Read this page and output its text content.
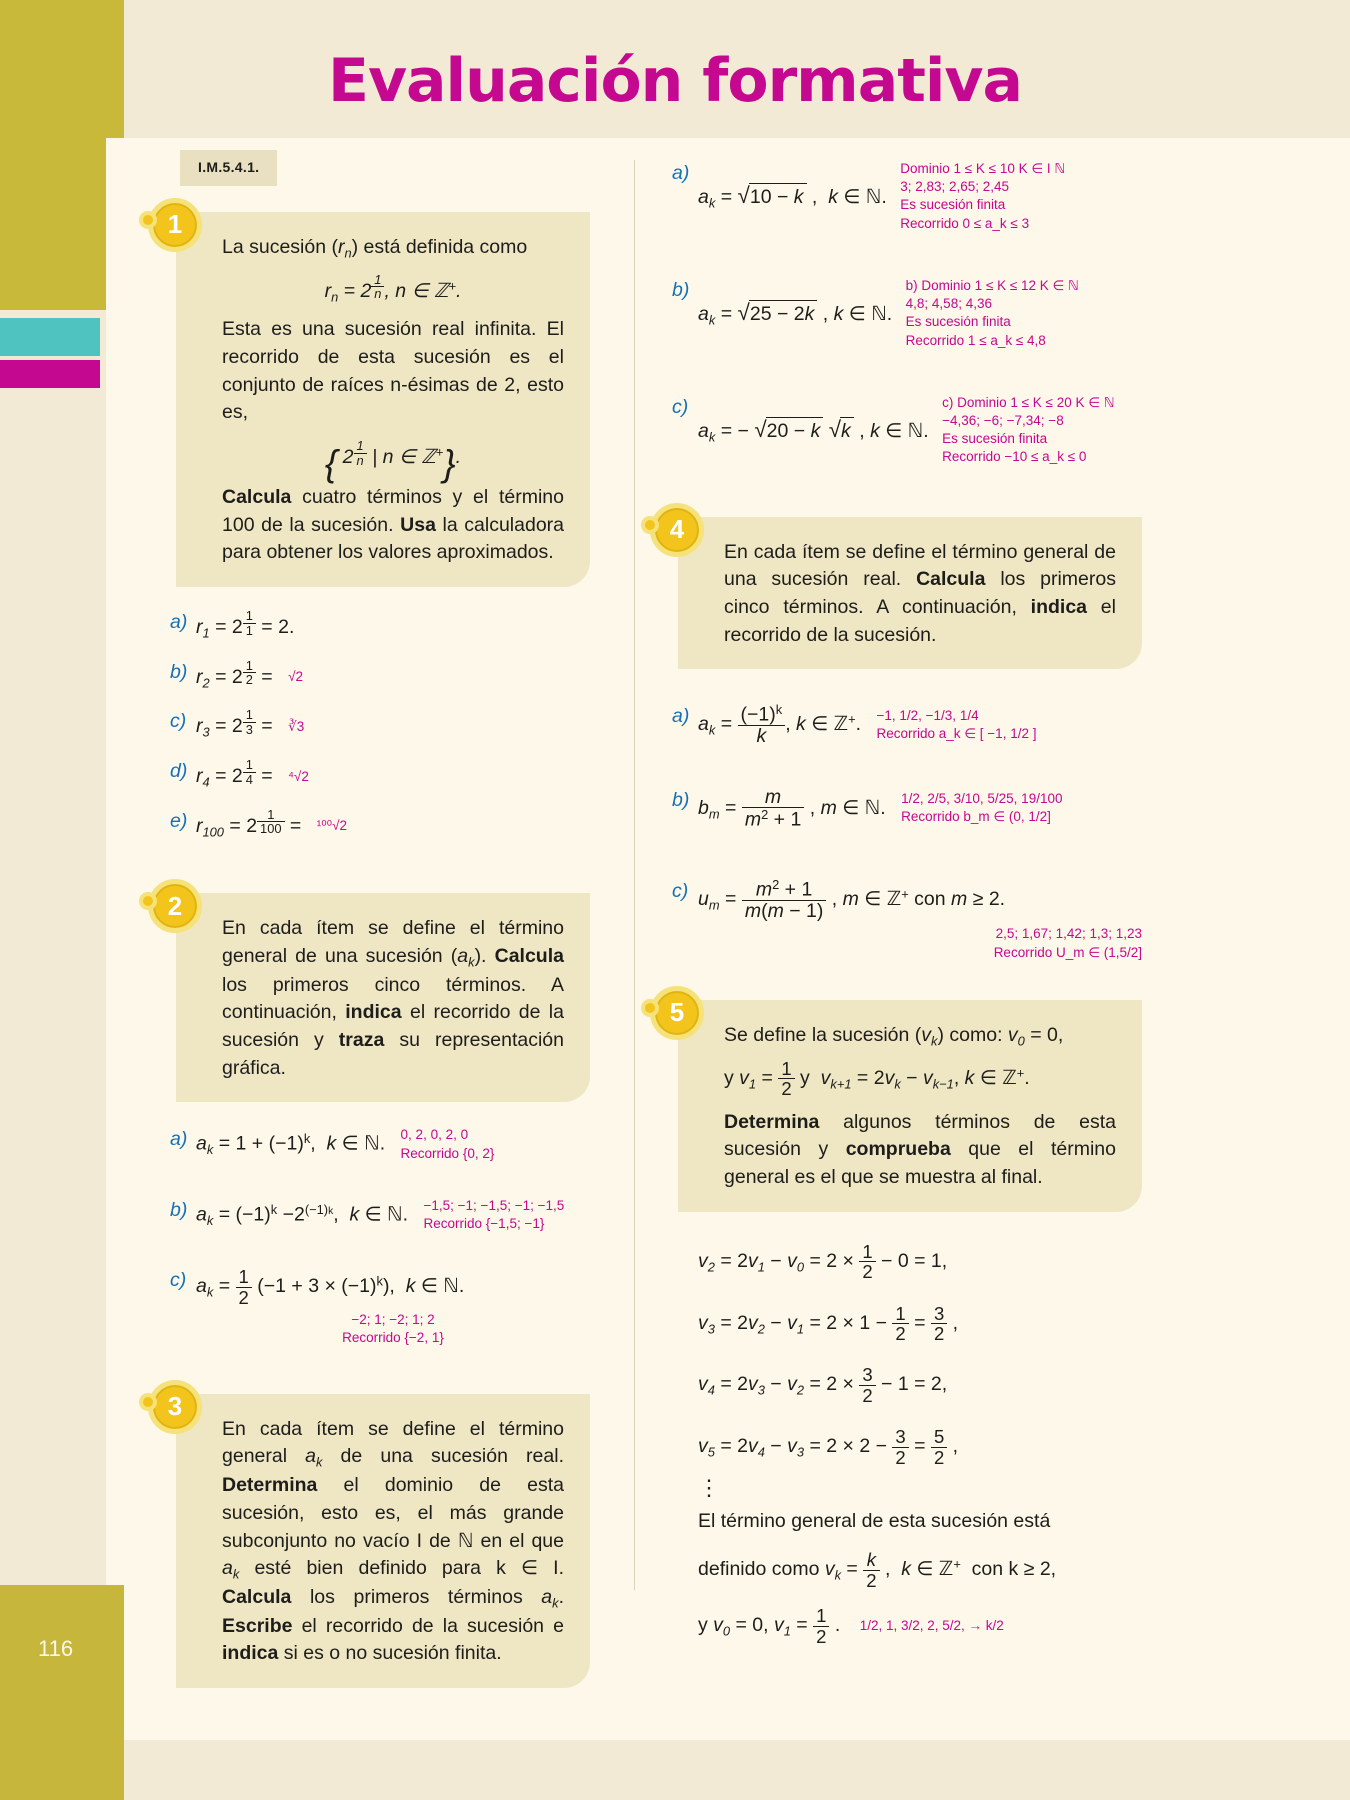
116
Evaluación formativa
I.M.5.4.1.
1
La sucesión $(r_n)$ está definida como
$r_n = 2$ $^{\frac{1}{n}}$ , n ∈ ℤ+.
Esta es una sucesión real infinita. El recorrido de esta sucesión es el conjunto de raíces n-ésimas de 2, esto es,
{ 2 $^{\frac{1}{n}}$ | n ∈ ℤ+}.
Calcula cuatro términos y el término 100 de la sucesión. Usa la calculadora para obtener los valores aproximados.
a) $r_1 = 2$ $^{\frac{1}{1}}$ = 2.
b) $r_2 = 2$ $^{\frac{1}{2}}$ = √2
c) $r_3 = 2$ $^{\frac{1}{3}}$ = ∛3
d) $r_4 = 2$ $^{\frac{1}{4}}$ = ⁴√2
e) $r_{100} = 2$ $^{\frac{1}{100}}$ = ¹⁰⁰√2
2
En cada ítem se define el término general de una sucesión $(a_k)$. Calcula los primeros cinco términos. A continuación, indica el recorrido de la sucesión y traza su representación gráfica.
a) $a_k = 1 + (-1)^k$,  k ∈ ℕ. 0, 2, 0, 2, 0
Recorrido {0, 2}
b) $a_k = (-1)^k -2^{(-1)k}$,  k ∈ ℕ. −1,5; −1; −1,5; −1; −1,5
Recorrido {−1,5; −1}
c) $a_k = \frac{1}{2} (-1 + 3 \times (-1)^k)$,  k ∈ ℕ.
−2; 1; −2; 1; 2
Recorrido {−2, 1}
3
En cada ítem se define el término general $a_k$ de una sucesión real. Determina el dominio de esta sucesión, esto es, el más grande subconjunto no vacío I de ℕ en el que $a_k$ esté bien definido para k ∈ I. Calcula los primeros términos $a_k$. Escribe el recorrido de la sucesión e indica si es o no sucesión finita.
a)
$a_k = √10 - k$ ,  k ∈ ℕ. Dominio 1 ≤ K ≤ 10 K ∈ I ℕ
3; 2,83; 2,65; 2,45
Es sucesión finita
Recorrido 0 ≤ a_k ≤ 3
b)
$a_k = √25 - 2k$ , k ∈ ℕ. b) Dominio 1 ≤ K ≤ 12 K ∈ ℕ
4,8; 4,58; 4,36
Es sucesión finita
Recorrido 1 ≤ a_k ≤ 4,8
c)
$a_k$ = − √20 − k √k , k ∈ ℕ. c) Dominio 1 ≤ K ≤ 20 K ∈ ℕ
−4,36; −6; −7,34; −8
Es sucesión finita
Recorrido −10 ≤ a_k ≤ 0
4
En cada ítem se define el término general de una sucesión real. Calcula los primeros cinco términos. A continuación, indica el recorrido de la sucesión.
a) $a_k = \frac{(-1)^k}{k}$ , k ∈ ℤ+. −1, 1/2, −1/3, 1/4
Recorrido a_k ∈ [ −1, 1/2 ]
b) $b_m = \frac{m}{m^2 + 1}$ , m ∈ ℕ. 1/2, 2/5, 3/10, 5/25, 19/100
Recorrido b_m ∈ (0, 1/2]
c) $u_m = \frac{m^2 + 1}{m(m - 1)}$ , m ∈ ℤ+ con m ≥ 2.
2,5; 1,67; 1,42; 1,3; 1,23
Recorrido U_m ∈ (1,5/2]
5
Se define la sucesión $(v_k)$ como: $v_0 = 0$,
y $v_1 = \frac{1}{2}$ y  $v_{k+1} = 2v_k - v_{k-1}$, k ∈ ℤ+.
Determina algunos términos de esta sucesión y comprueba que el término general es el que se muestra al final.
$v_2 = 2v_1 - v_0 = 2 \times \frac{1}{2} - 0 = 1$,
$v_3 = 2v_2 - v_1 = 2 \times 1 - \frac{1}{2} = \frac{3}{2}$ ,
$v_4 = 2v_3 - v_2 = 2 \times \frac{3}{2} - 1 = 2$,
$v_5 = 2v_4 - v_3 = 2 \times 2 - \frac{3}{2} = \frac{5}{2}$ ,
⋮
El término general de esta sucesión está
definido como $v_k = \frac{k}{2}$ ,  k ∈ ℤ+  con k ≥ 2,
y $v_0 = 0$, $v_1 = \frac{1}{2}$ . 1/2, 1, 3/2, 2, 5/2, → k/2
